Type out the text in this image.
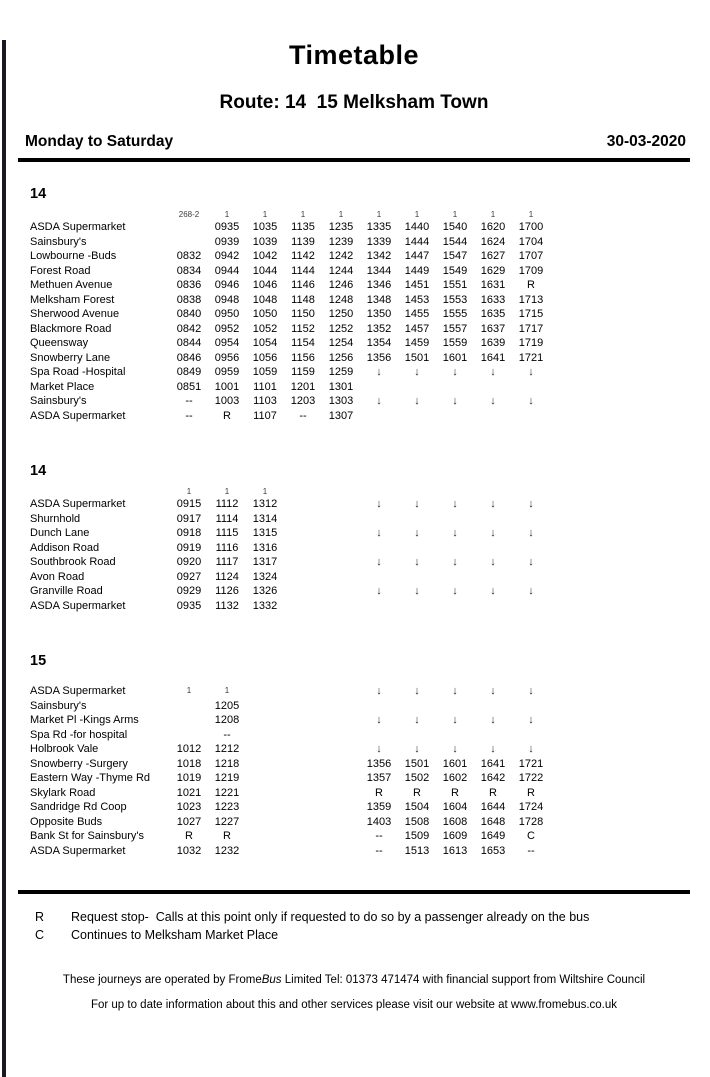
Timetable
Route: 14  15 Melksham Town
Monday to Saturday	30-03-2020
14
	268-2	1	1	1	1	1	1	1	1	1
ASDA Supermarket		0935	1035	1135	1235	1335	1440	1540	1620	1700
Sainsbury's		0939	1039	1139	1239	1339	1444	1544	1624	1704
Lowbourne -Buds	0832	0942	1042	1142	1242	1342	1447	1547	1627	1707
Forest Road	0834	0944	1044	1144	1244	1344	1449	1549	1629	1709
Methuen Avenue	0836	0946	1046	1146	1246	1346	1451	1551	1631	R
Melksham Forest	0838	0948	1048	1148	1248	1348	1453	1553	1633	1713
Sherwood Avenue	0840	0950	1050	1150	1250	1350	1455	1555	1635	1715
Blackmore Road	0842	0952	1052	1152	1252	1352	1457	1557	1637	1717
Queensway	0844	0954	1054	1154	1254	1354	1459	1559	1639	1719
Snowberry Lane	0846	0956	1056	1156	1256	1356	1501	1601	1641	1721
Spa Road -Hospital	0849	0959	1059	1159	1259	↓	↓	↓	↓	↓
Market Place	0851	1001	1101	1201	1301					
Sainsbury's	--	1003	1103	1203	1303	↓	↓	↓	↓	↓
ASDA Supermarket	--	R	1107	--	1307					
14
	1	1	1							
ASDA Supermarket	0915	1112	1312			↓	↓	↓	↓	↓
Shurnhold	0917	1114	1314							
Dunch Lane	0918	1115	1315			↓	↓	↓	↓	↓
Addison Road	0919	1116	1316							
Southbrook Road	0920	1117	1317			↓	↓	↓	↓	↓
Avon Road	0927	1124	1324							
Granville Road	0929	1126	1326			↓	↓	↓	↓	↓
ASDA Supermarket	0935	1132	1332							
15
ASDA Supermarket	1	1				↓	↓	↓	↓	↓
Sainsbury's		1205								
Market Pl -Kings Arms		1208				↓	↓	↓	↓	↓
Spa Rd -for hospital		--								
Holbrook Vale	1012	1212				↓	↓	↓	↓	↓
Snowberry -Surgery	1018	1218				1356	1501	1601	1641	1721
Eastern Way -Thyme Rd	1019	1219				1357	1502	1602	1642	1722
Skylark Road	1021	1221				R	R	R	R	R
Sandridge Rd Coop	1023	1223				1359	1504	1604	1644	1724
Opposite Buds	1027	1227				1403	1508	1608	1648	1728
Bank St for Sainsbury's	R	R				--	1509	1609	1649	C
ASDA Supermarket	1032	1232				--	1513	1613	1653	--
R	Request stop-  Calls at this point only if requested to do so by a passenger already on the bus
C	Continues to Melksham Market Place

These journeys are operated by FromeBus Limited Tel: 01373 471474 with financial support from Wiltshire Council

For up to date information about this and other services please visit our website at www.fromebus.co.uk
